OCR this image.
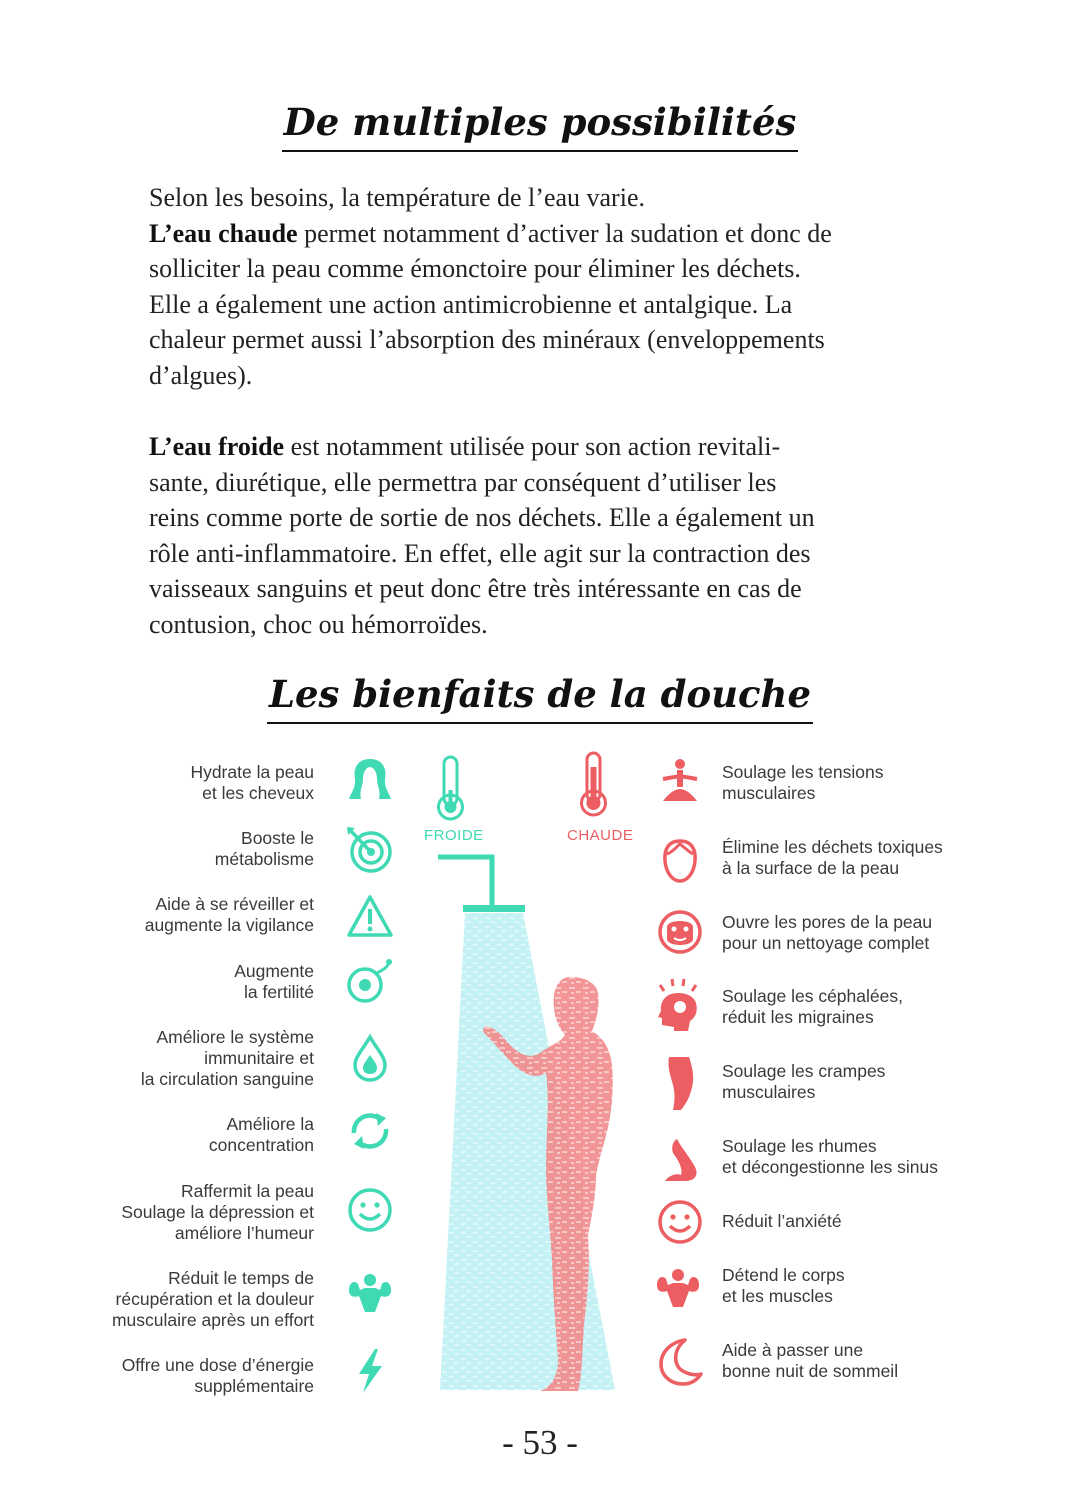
De multiples possibilités
Selon les besoins, la température de l’eau varie.
L’eau chaude permet notamment d’activer la sudation et donc de
solliciter la peau comme émonctoire pour éliminer les déchets.
Elle a également une action antimicrobienne et antalgique. La
chaleur permet aussi l’absorption des minéraux (enveloppements
d’algues).
L’eau froide est notamment utilisée pour son action revitali-
sante, diurétique, elle permettra par conséquent d’utiliser les
reins comme porte de sortie de nos déchets. Elle a également un
rôle anti-inflammatoire. En effet, elle agit sur la contraction des
vaisseaux sanguins et peut donc être très intéressante en cas de
contusion, choc ou hémorroïdes.
Les bienfaits de la douche
FROIDE	CHAUDE
Hydrate la peau
et les cheveux
Booste le
métabolisme
Aide à se réveiller et
augmente la vigilance
Augmente
la fertilité
Améliore le système
immunitaire et
la circulation sanguine
Améliore la
concentration
Raffermit la peau
Soulage la dépression et
améliore l’humeur
Réduit le temps de
récupération et la douleur
musculaire après un effort
Offre une dose d’énergie
supplémentaire
Soulage les tensions
musculaires
Élimine les déchets toxiques
à la surface de la peau
Ouvre les pores de la peau
pour un nettoyage complet
Soulage les céphalées,
réduit les migraines
Soulage les crampes
musculaires
Soulage les rhumes
et décongestionne les sinus
Réduit l’anxiété
Détend le corps
et les muscles
Aide à passer une
bonne nuit de sommeil
- 53 -
